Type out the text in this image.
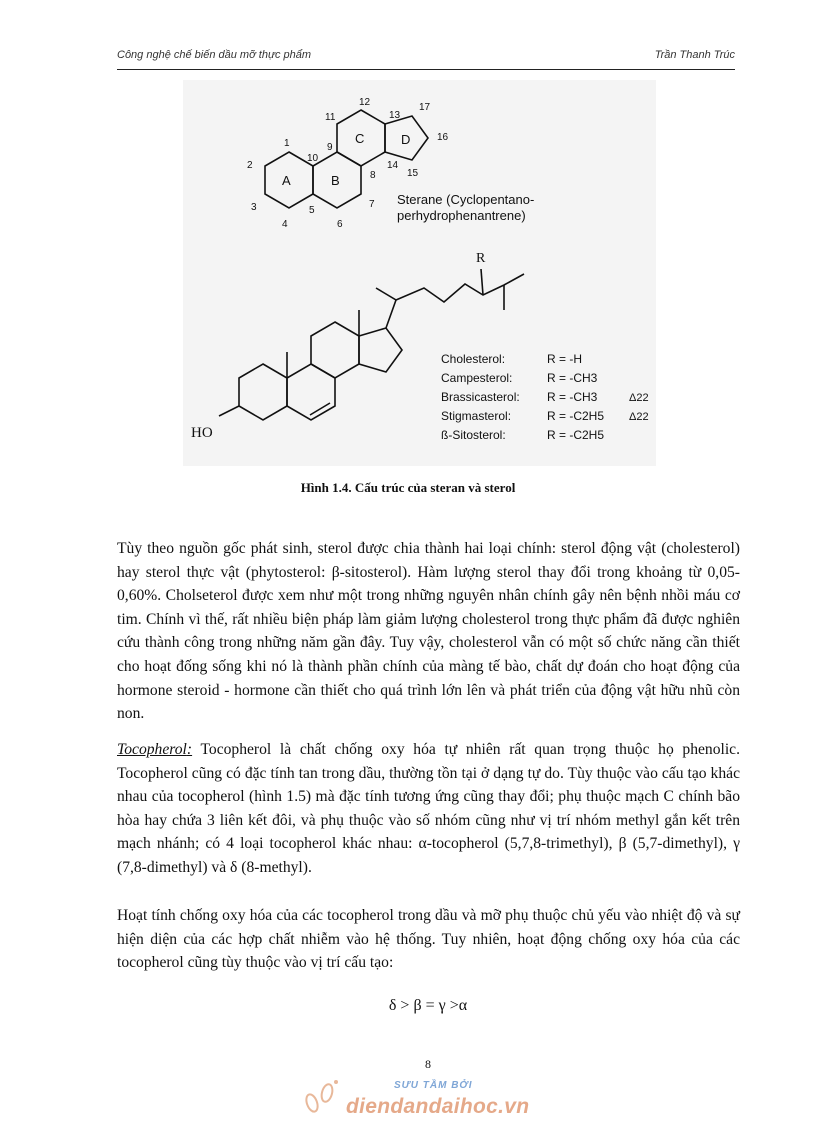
Công nghệ chế biến dầu mỡ thực phẩm	Trần Thanh Trúc
A	B
C	D
1
2
3
4
5
6
7
8
9
10
11
12
13
14
15
16
17
Sterane (Cyclopentano-
perhydrophenantrene)
R
HO
Cholesterol:	R = -H
Campesterol:	R = -CH3
Brassicasterol: R = -CH3	Δ22
Stigmasterol:	R = -C2H5 Δ22
ß-Sitosterol:	R = -C2H5
Hình 1.4. Cấu trúc của steran và sterol
Tùy theo nguồn gốc phát sinh, sterol được chia thành hai loại chính: sterol động vật (cholesterol) hay sterol thực vật (phytosterol: β-sitosterol). Hàm lượng sterol thay đổi trong khoảng từ 0,05-0,60%. Cholseterol được xem như một trong những nguyên nhân chính gây nên bệnh nhồi máu cơ tim. Chính vì thế, rất nhiều biện pháp làm giảm lượng cholesterol trong thực phẩm đã được nghiên cứu thành công trong những năm gần đây. Tuy vậy, cholesterol vẫn có một số chức năng cần thiết cho hoạt đống sống khi nó là thành phần chính của màng tế bào, chất dự đoán cho hoạt động của hormone steroid - hormone cần thiết cho quá trình lớn lên và phát triển của động vật hữu nhũ còn non.
Tocopherol: Tocopherol là chất chống oxy hóa tự nhiên rất quan trọng thuộc họ phenolic. Tocopherol cũng có đặc tính tan trong dầu, thường tồn tại ở dạng tự do. Tùy thuộc vào cấu tạo khác nhau của tocopherol (hình 1.5) mà đặc tính tương ứng cũng thay đổi; phụ thuộc mạch C chính bão hòa hay chứa 3 liên kết đôi, và phụ thuộc vào số nhóm cũng như vị trí nhóm methyl gắn kết trên mạch nhánh; có 4 loại tocopherol khác nhau: α-tocopherol (5,7,8-trimethyl), β (5,7-dimethyl), γ (7,8-dimethyl) và δ (8-methyl).
Hoạt tính chống oxy hóa của các tocopherol trong dầu và mỡ phụ thuộc chủ yếu vào nhiệt độ và sự hiện diện của các hợp chất nhiễm vào hệ thống. Tuy nhiên, hoạt động chống oxy hóa của các tocopherol cũng tùy thuộc vào vị trí cấu tạo:
δ > β = γ >α
8
SƯU TẦM BỞI
diendandaihoc.vn
